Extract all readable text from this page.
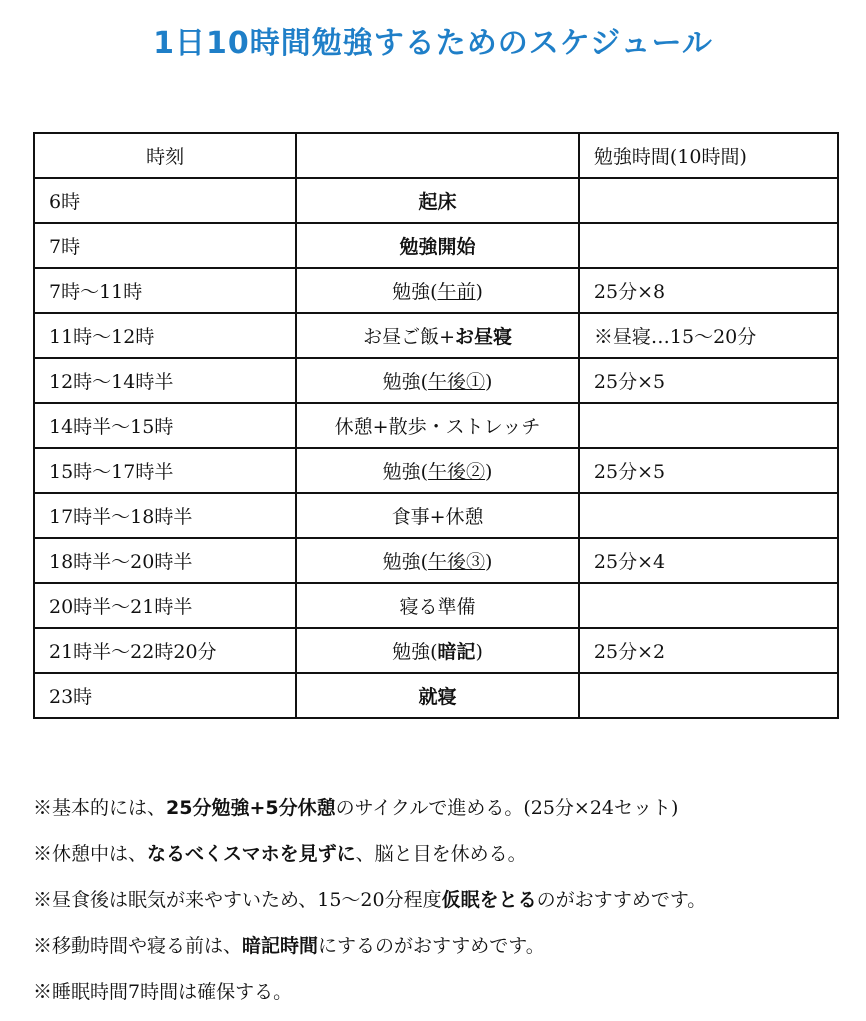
1日10時間勉強するためのスケジュール
時刻		勉強時間(10時間)
6時	起床	
7時	勉強開始	
7時〜11時	勉強(午前)	25分×8
11時〜12時	お昼ご飯+お昼寝	※昼寝…15〜20分
12時〜14時半	勉強(午後①)	25分×5
14時半〜15時	休憩+散歩・ストレッチ	
15時〜17時半	勉強(午後②)	25分×5
17時半〜18時半	食事+休憩	
18時半〜20時半	勉強(午後③)	25分×4
20時半〜21時半	寝る準備	
21時半〜22時20分	勉強(暗記)	25分×2
23時	就寝	
※基本的には、25分勉強+5分休憩のサイクルで進める。(25分×24セット)
※休憩中は、なるべくスマホを見ずに、脳と目を休める。
※昼食後は眠気が来やすいため、15〜20分程度仮眠をとるのがおすすめです。
※移動時間や寝る前は、暗記時間にするのがおすすめです。
※睡眠時間7時間は確保する。
